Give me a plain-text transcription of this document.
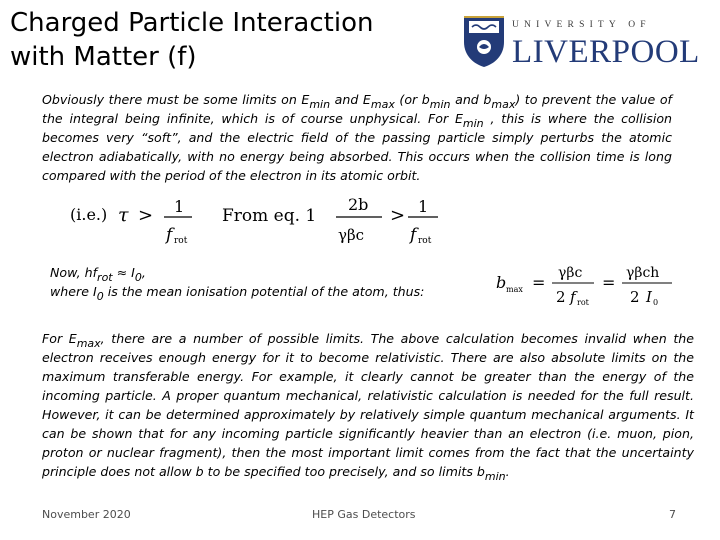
Charged Particle Interaction
with Matter (f)
UNIVERSITY OF
LIVERPOOL

Obviously there must be some limits on $E_{min}$ and $E_{max}$ (or $b_{min}$ and $b_{max}$) to prevent the value of the integral being infinite, which is of course unphysical. For $E_{min}$ , this is where the collision becomes very “soft”, and the electric field of the passing particle simply perturbs the atomic electron adiabatically, with no energy being absorbed. This occurs when the collision time is long compared with the period of the electron in its atomic orbit.

(i.e.) τ > 1
f rot
From eq. 1
2b
γβc
> 1
f rot

Now, $hf_{rot} \approx I_0$,
where $I_0$ is the mean ionisation potential of the atom, thus:	b max = γβc
2 f rot
= γβch
2 I 0

For $E_{max}$, there are a number of possible limits. The above calculation becomes invalid when the electron receives enough energy for it to become relativistic. There are also absolute limits on the maximum transferable energy. For example, it clearly cannot be greater than the energy of the incoming particle. A proper quantum mechanical, relativistic calculation is needed for the full result. However, it can be determined approximately by relatively simple quantum mechanical arguments. It can be shown that for any incoming particle significantly heavier than an electron (i.e. muon, pion, proton or nuclear fragment), then the most important limit comes from the fact that the uncertainty principle does not allow b to be specified too precisely, and so limits $b_{min}$.

November 2020	HEP Gas Detectors	7
